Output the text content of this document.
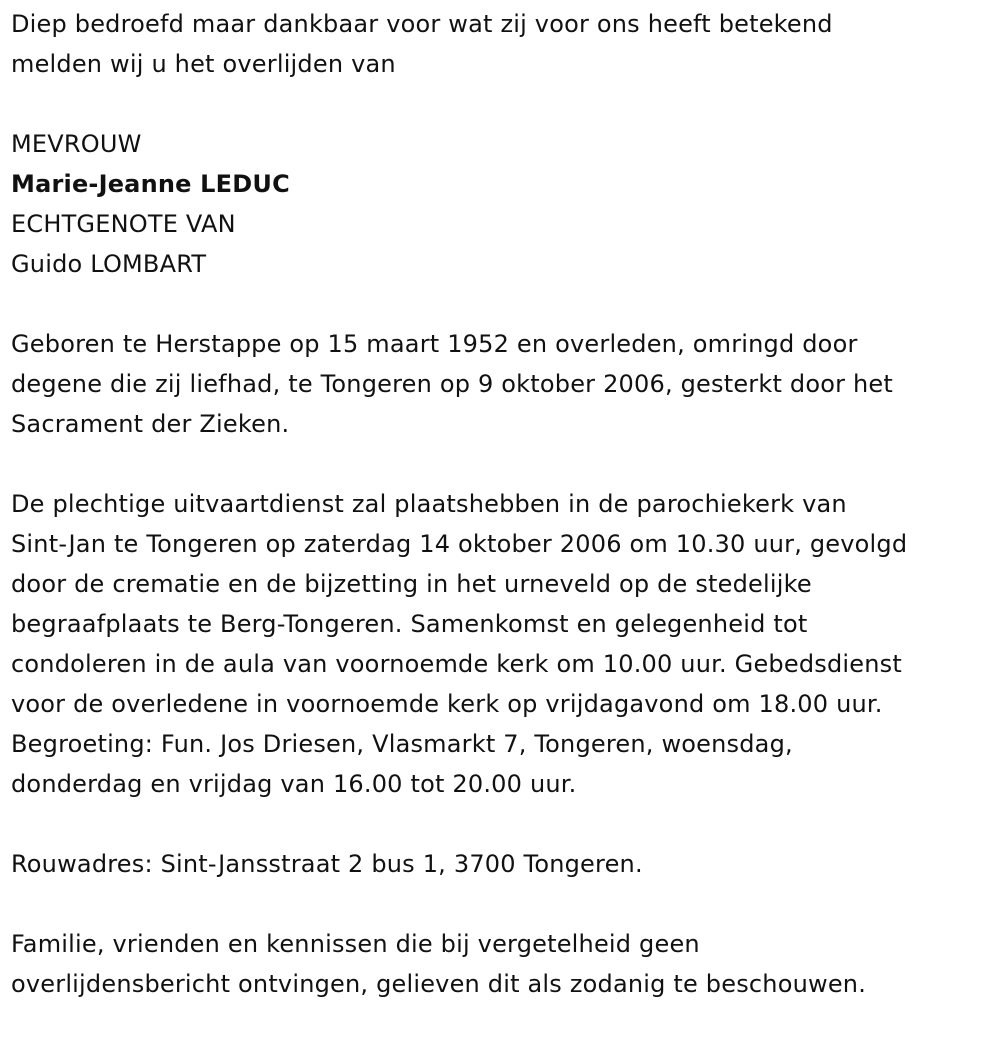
Diep bedroefd maar dankbaar voor wat zij voor ons heeft betekend

melden wij u het overlijden van

MEVROUW

Marie-Jeanne LEDUC

ECHTGENOTE VAN

Guido LOMBART

Geboren te Herstappe op 15 maart 1952 en overleden, omringd door

degene die zij liefhad, te Tongeren op 9 oktober 2006, gesterkt door het

Sacrament der Zieken.

De plechtige uitvaartdienst zal plaatshebben in de parochiekerk van

Sint-Jan te Tongeren op zaterdag 14 oktober 2006 om 10.30 uur, gevolgd

door de crematie en de bijzetting in het urneveld op de stedelijke

begraafplaats te Berg-Tongeren. Samenkomst en gelegenheid tot

condoleren in de aula van voornoemde kerk om 10.00 uur. Gebedsdienst

voor de overledene in voornoemde kerk op vrijdagavond om 18.00 uur.

Begroeting: Fun. Jos Driesen, Vlasmarkt 7, Tongeren, woensdag,

donderdag en vrijdag van 16.00 tot 20.00 uur.

Rouwadres: Sint-Jansstraat 2 bus 1, 3700 Tongeren.

Familie, vrienden en kennissen die bij vergetelheid geen

overlijdensbericht ontvingen, gelieven dit als zodanig te beschouwen.
